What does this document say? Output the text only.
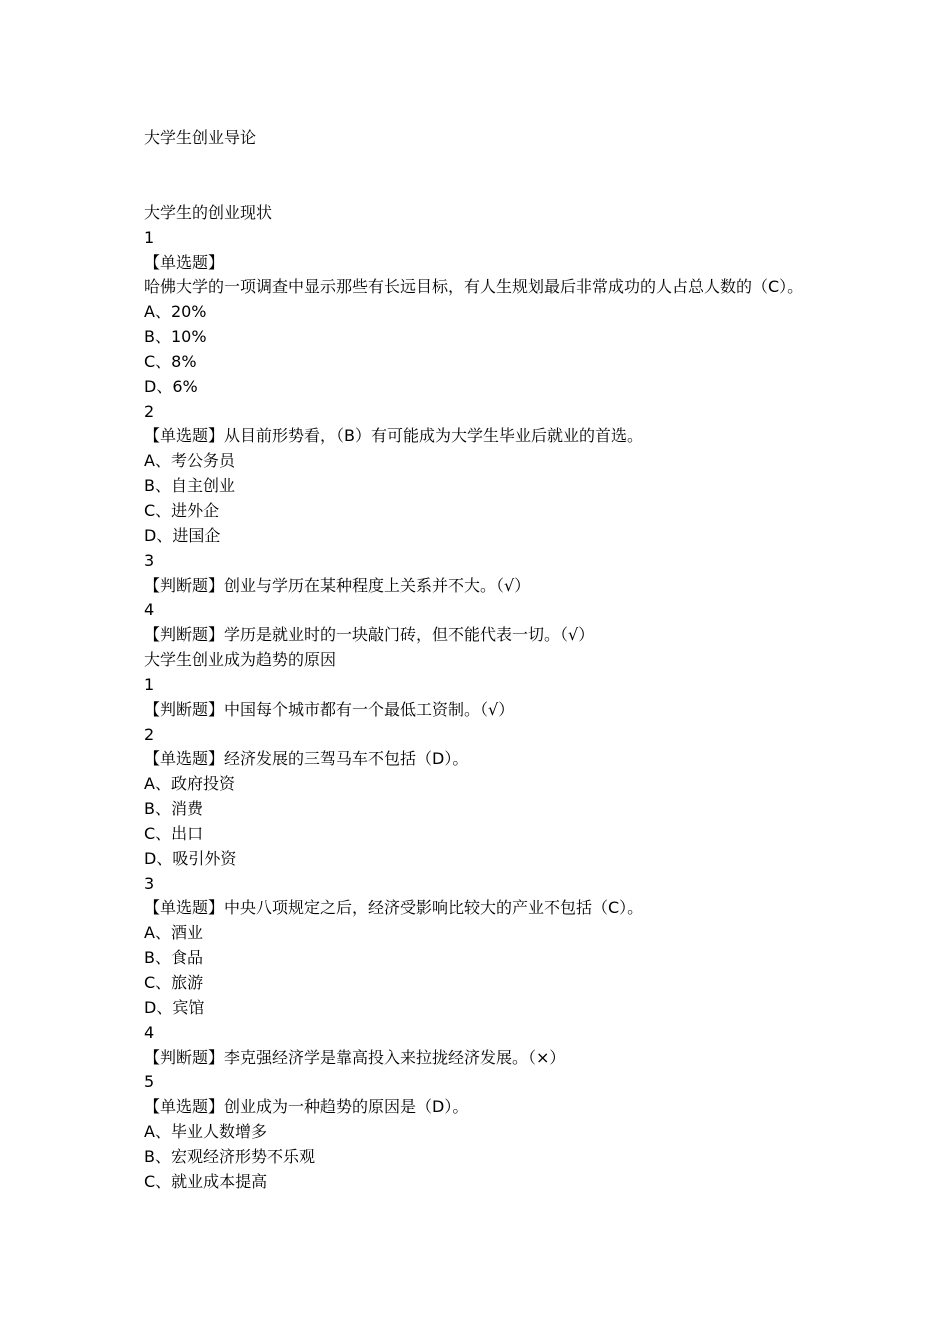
大学生创业导论
大学生的创业现状
1
【单选题】
哈佛大学的一项调查中显示那些有长远目标，有人生规划最后非常成功的人占总人数的（C）。
A、20%
B、10%
C、8%
D、6%
2
【单选题】从目前形势看，（B）有可能成为大学生毕业后就业的首选。
A、考公务员
B、自主创业
C、进外企
D、进国企
3
【判断题】创业与学历在某种程度上关系并不大。（√）
4
【判断题】学历是就业时的一块敲门砖，但不能代表一切。（√）
大学生创业成为趋势的原因
1
【判断题】中国每个城市都有一个最低工资制。（√）
2
【单选题】经济发展的三驾马车不包括（D）。
A、政府投资
B、消费
C、出口
D、吸引外资
3
【单选题】中央八项规定之后，经济受影响比较大的产业不包括（C）。
A、酒业
B、食品
C、旅游
D、宾馆
4
【判断题】李克强经济学是靠高投入来拉拢经济发展。（×）
5
【单选题】创业成为一种趋势的原因是（D）。
A、毕业人数增多
B、宏观经济形势不乐观
C、就业成本提高
